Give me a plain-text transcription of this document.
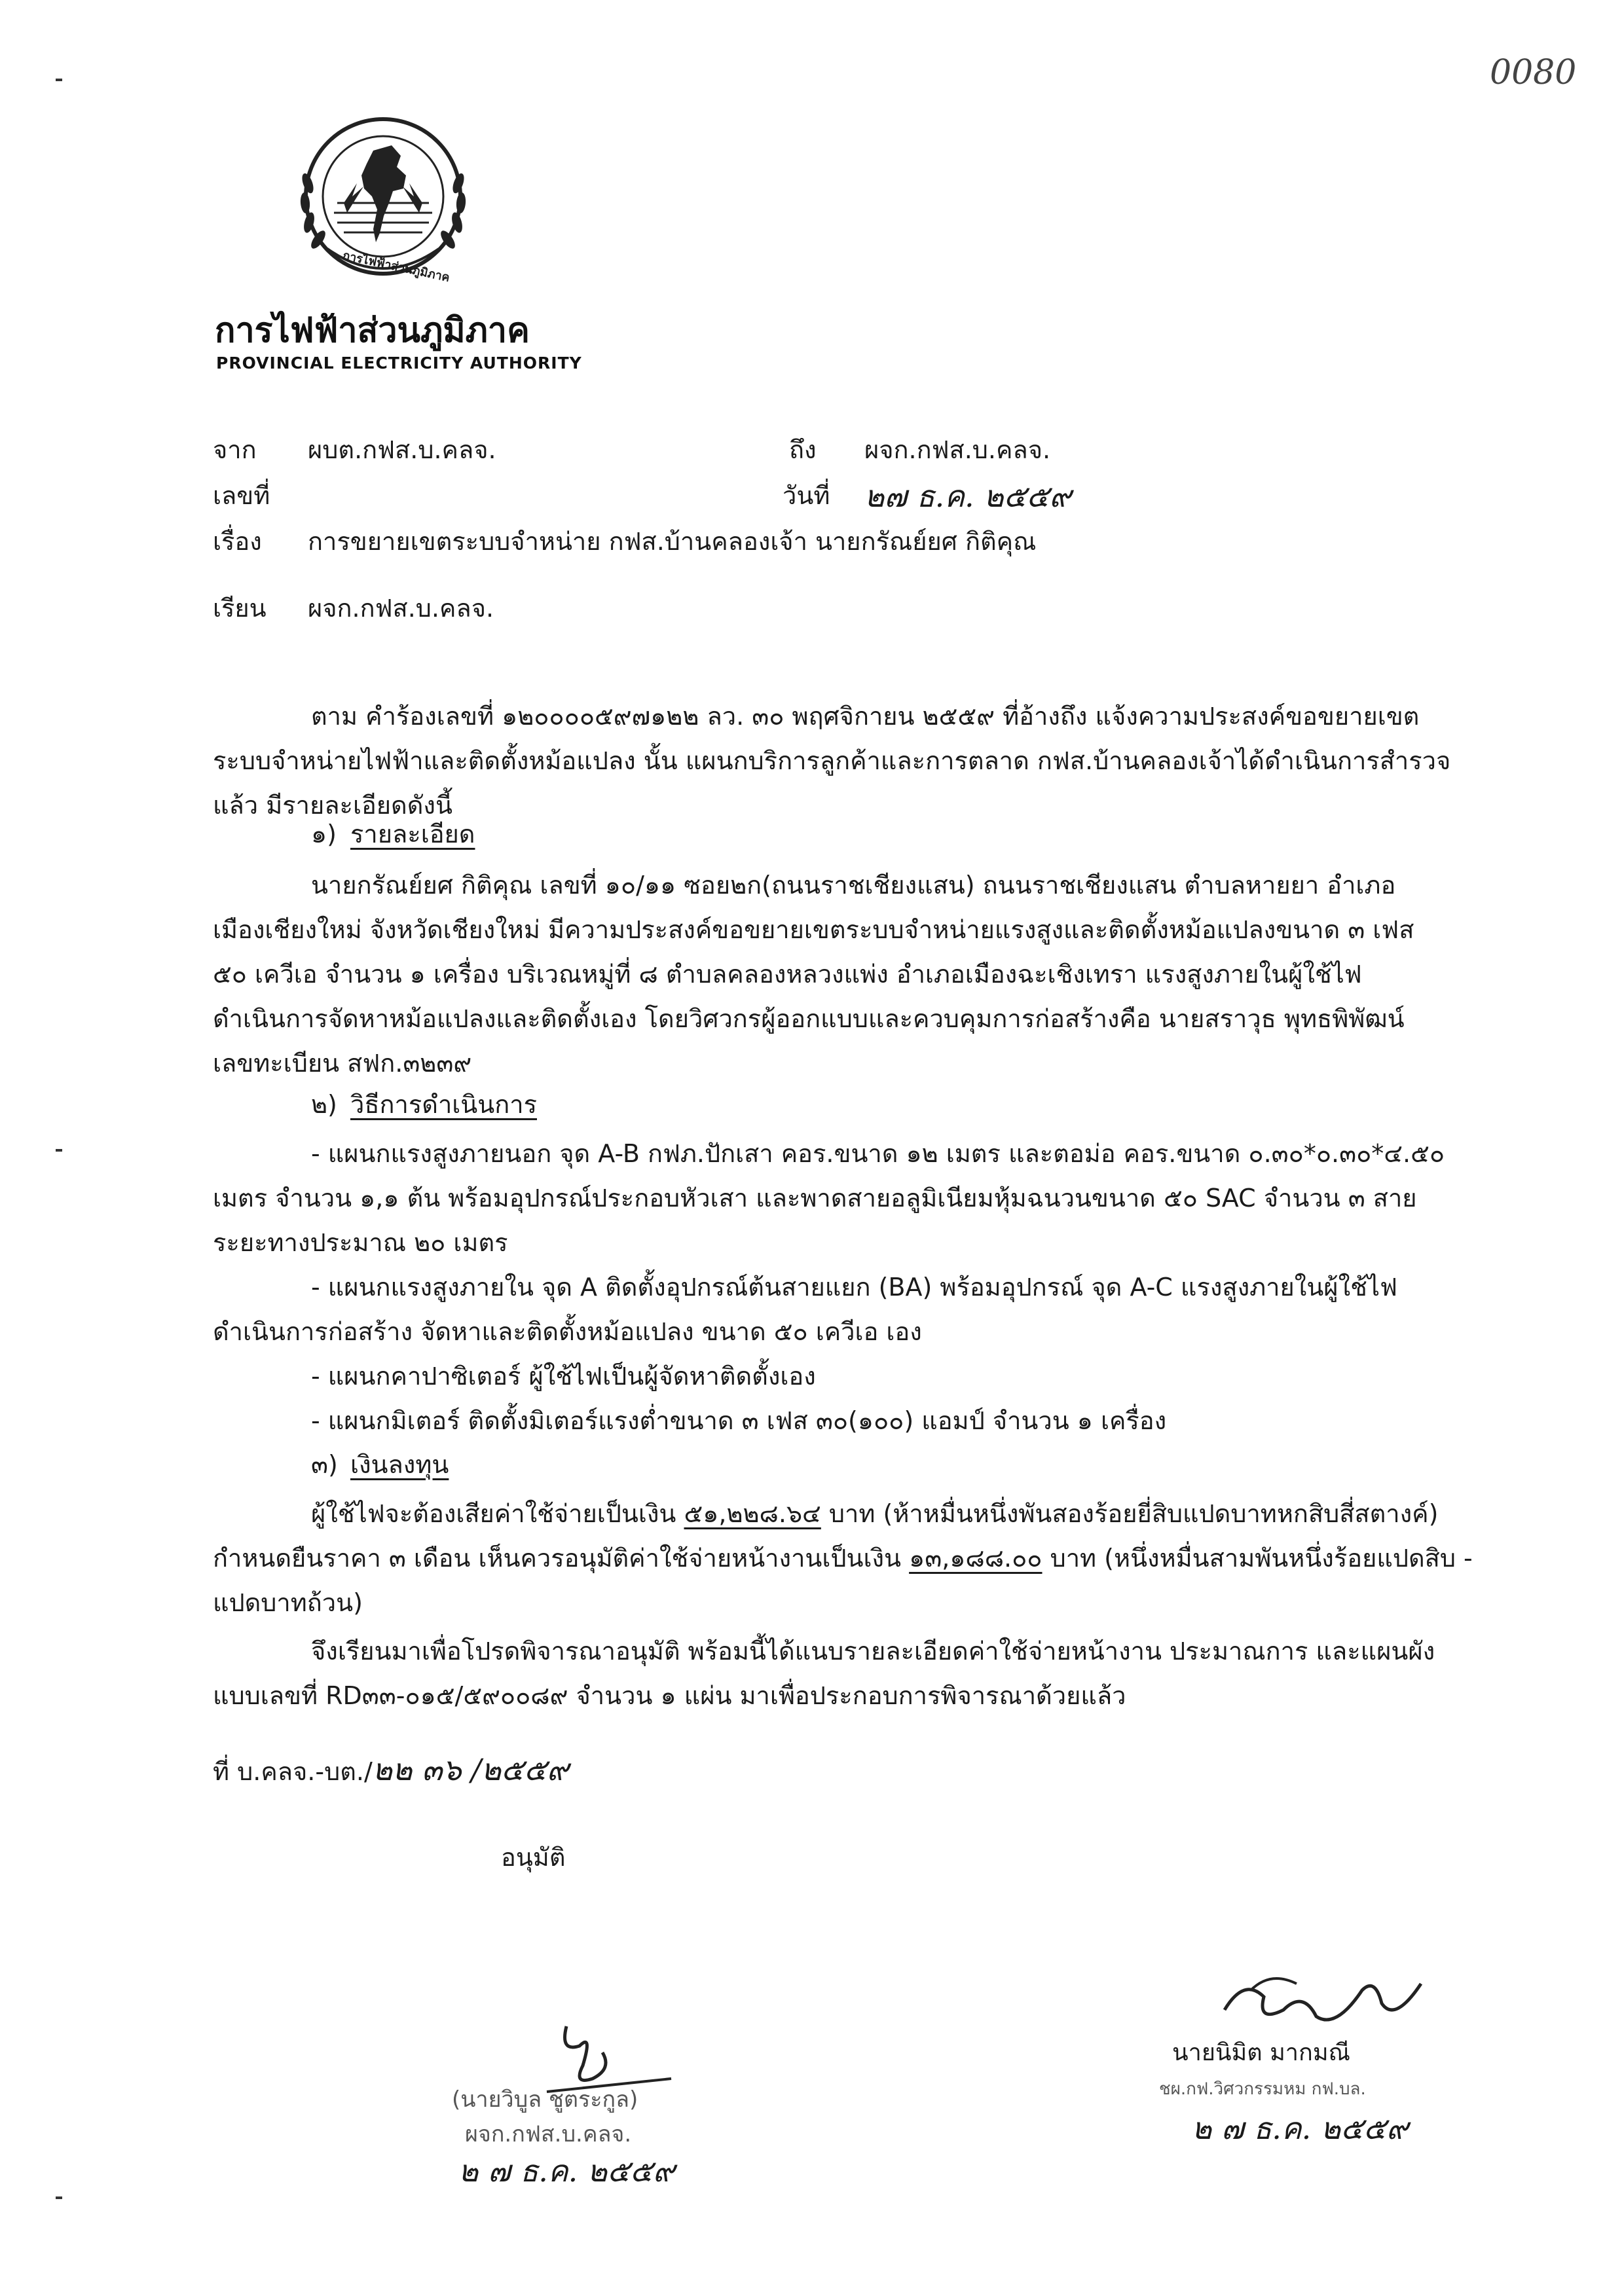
0080
การไฟฟ้าส่วนภูมิภาค
การไฟฟ้าส่วนภูมิภาค
PROVINCIAL ELECTRICITY AUTHORITY
จาก ผบต.กฟส.บ.คลจ.	ถึง ผจก.กฟส.บ.คลจ.
เลขที่	วันที่ ๒๗ ธ.ค. ๒๕๕๙
เรื่อง การขยายเขตระบบจำหน่าย กฟส.บ้านคลองเจ้า นายกรัณย์ยศ กิติคุณ
เรียน ผจก.กฟส.บ.คลจ.
ตาม คำร้องเลขที่ ๑๒๐๐๐๐๕๙๗๑๒๒ ลว. ๓๐ พฤศจิกายน ๒๕๕๙ ที่อ้างถึง แจ้งความประสงค์ขอขยายเขต
ระบบจำหน่ายไฟฟ้าและติดตั้งหม้อแปลง นั้น แผนกบริการลูกค้าและการตลาด กฟส.บ้านคลองเจ้าได้ดำเนินการสำรวจ
แล้ว มีรายละเอียดดังนี้
๑) รายละเอียด
นายกรัณย์ยศ กิติคุณ เลขที่ ๑๐/๑๑ ซอย๒ก(ถนนราชเชียงแสน) ถนนราชเชียงแสน ตำบลหายยา อำเภอ
เมืองเชียงใหม่ จังหวัดเชียงใหม่ มีความประสงค์ขอขยายเขตระบบจำหน่ายแรงสูงและติดตั้งหม้อแปลงขนาด ๓ เฟส
๕๐ เควีเอ จำนวน ๑ เครื่อง บริเวณหมู่ที่ ๘ ตำบลคลองหลวงแพ่ง อำเภอเมืองฉะเชิงเทรา แรงสูงภายในผู้ใช้ไฟ
ดำเนินการจัดหาหม้อแปลงและติดตั้งเอง โดยวิศวกรผู้ออกแบบและควบคุมการก่อสร้างคือ นายสราวุธ พุทธพิพัฒน์
เลขทะเบียน สฟก.๓๒๓๙
๒) วิธีการดำเนินการ
- แผนกแรงสูงภายนอก จุด A-B กฟภ.ปักเสา คอร.ขนาด ๑๒ เมตร และตอม่อ คอร.ขนาด ๐.๓๐*๐.๓๐*๔.๕๐
เมตร จำนวน ๑,๑ ต้น พร้อมอุปกรณ์ประกอบหัวเสา และพาดสายอลูมิเนียมหุ้มฉนวนขนาด ๕๐ SAC จำนวน ๓ สาย
ระยะทางประมาณ ๒๐ เมตร
- แผนกแรงสูงภายใน จุด A ติดตั้งอุปกรณ์ต้นสายแยก (BA) พร้อมอุปกรณ์ จุด A-C แรงสูงภายในผู้ใช้ไฟ
ดำเนินการก่อสร้าง จัดหาและติดตั้งหม้อแปลง ขนาด ๕๐ เควีเอ เอง
- แผนกคาปาซิเตอร์ ผู้ใช้ไฟเป็นผู้จัดหาติดตั้งเอง
- แผนกมิเตอร์ ติดตั้งมิเตอร์แรงต่ำขนาด ๓ เฟส ๓๐(๑๐๐) แอมป์ จำนวน ๑ เครื่อง
๓) เงินลงทุน
ผู้ใช้ไฟจะต้องเสียค่าใช้จ่ายเป็นเงิน ๕๑,๒๒๘.๖๔ บาท (ห้าหมื่นหนึ่งพันสองร้อยยี่สิบแปดบาทหกสิบสี่สตางค์)
กำหนดยืนราคา ๓ เดือน เห็นควรอนุมัติค่าใช้จ่ายหน้างานเป็นเงิน ๑๓,๑๘๘.๐๐ บาท (หนึ่งหมื่นสามพันหนึ่งร้อยแปดสิบ -
แปดบาทถ้วน)
จึงเรียนมาเพื่อโปรดพิจารณาอนุมัติ พร้อมนี้ได้แนบรายละเอียดค่าใช้จ่ายหน้างาน ประมาณการ และแผนผัง
แบบเลขที่ RD๓๓-๐๑๕/๕๙๐๐๘๙ จำนวน ๑ แผ่น มาเพื่อประกอบการพิจารณาด้วยแล้ว
ที่ บ.คลจ.-บต./๒๒ ๓๖ /๒๕๕๙
อนุมัติ
(นายวิบูล ชูตระกูล)
ผจก.กฟส.บ.คลจ.
๒ ๗ ธ.ค. ๒๕๕๙
นายนิมิต มากมณี
ชผ.กฟ.วิศวกรรมหม กฟ.บล.
๒ ๗ ธ.ค. ๒๕๕๙
